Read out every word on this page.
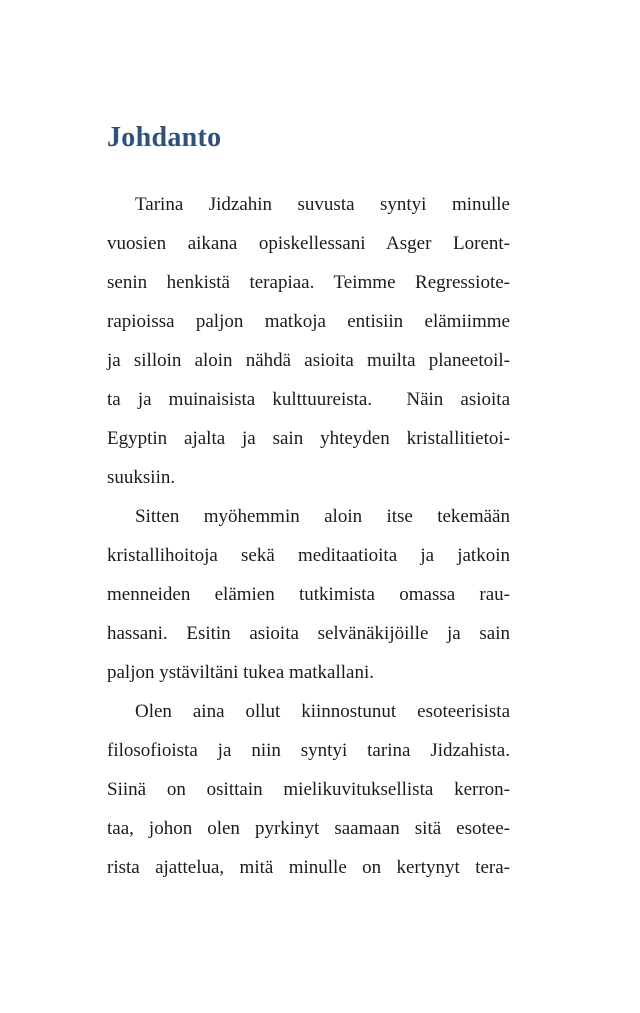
Johdanto

Tarina Jidzahin suvusta syntyi minulle
vuosien aikana opiskellessani Asger Lorent-
senin henkistä terapiaa. Teimme Regressiote-
rapioissa paljon matkoja entisiin elämiimme
ja silloin aloin nähdä asioita muilta planeetoil-
ta ja muinaisista kulttuureista.  Näin asioita
Egyptin ajalta ja sain yhteyden kristallitietoi-
suuksiin.

Sitten myöhemmin aloin itse tekemään
kristallihoitoja sekä meditaatioita ja jatkoin
menneiden elämien tutkimista omassa rau-
hassani. Esitin asioita selvänäkijöille ja sain
paljon ystäviltäni tukea matkallani.

Olen aina ollut kiinnostunut esoteerisista
filosofioista ja niin syntyi tarina Jidzahista.
Siinä on osittain mielikuvituksellista kerron-
taa, johon olen pyrkinyt saamaan sitä esotee-
rista ajattelua, mitä minulle on kertynyt tera-
